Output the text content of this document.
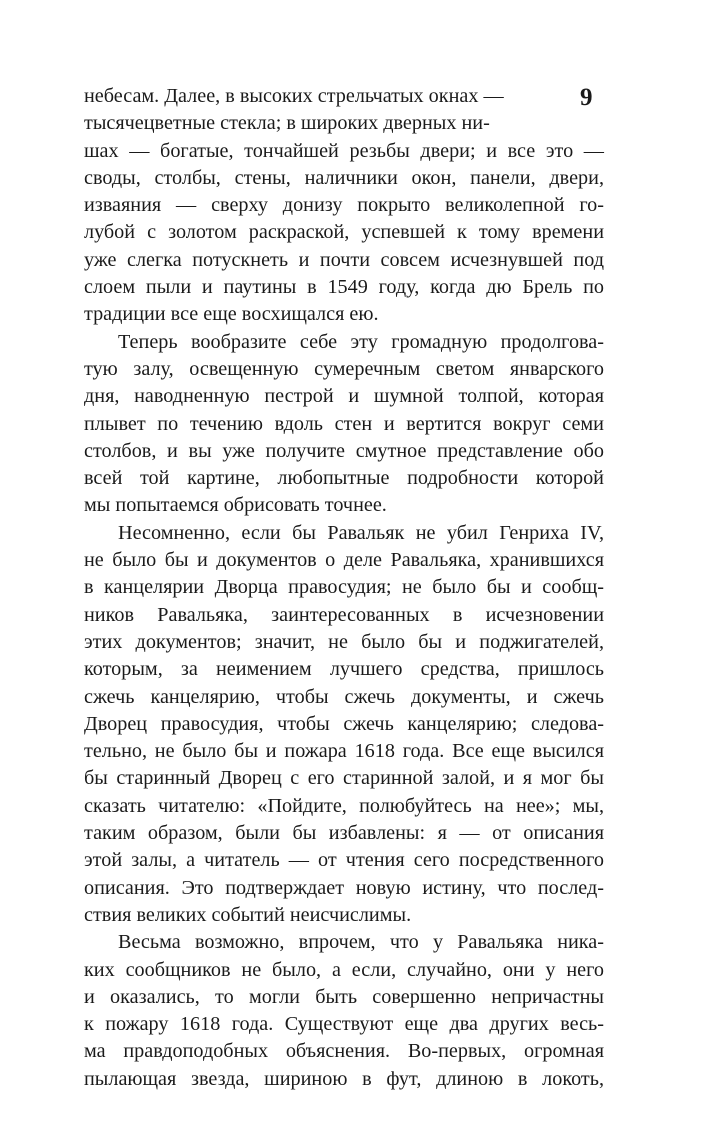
9
небесам. Далее, в высоких стрельчатых окнах —
тысячецветные стекла; в широких дверных ни-
шах — богатые, тончайшей резьбы двери; и все это —
своды, столбы, стены, наличники окон, панели, двери,
изваяния — сверху донизу покрыто великолепной го-
лубой с золотом раскраской, успевшей к тому времени
уже слегка потускнеть и почти совсем исчезнувшей под
слоем пыли и паутины в 1549 году, когда дю Брель по
традиции все еще восхищался ею.
Теперь вообразите себе эту громадную продолгова-
тую залу, освещенную сумеречным светом январского
дня, наводненную пестрой и шумной толпой, которая
плывет по течению вдоль стен и вертится вокруг семи
столбов, и вы уже получите смутное представление обо
всей той картине, любопытные подробности которой
мы попытаемся обрисовать точнее.
Несомненно, если бы Равальяк не убил Генриха IV,
не было бы и документов о деле Равальяка, хранившихся
в канцелярии Дворца правосудия; не было бы и сообщ-
ников Равальяка, заинтересованных в исчезновении
этих документов; значит, не было бы и поджигателей,
которым, за неимением лучшего средства, пришлось
сжечь канцелярию, чтобы сжечь документы, и сжечь
Дворец правосудия, чтобы сжечь канцелярию; следова-
тельно, не было бы и пожара 1618 года. Все еще высился
бы старинный Дворец с его старинной залой, и я мог бы
сказать читателю: «Пойдите, полюбуйтесь на нее»; мы,
таким образом, были бы избавлены: я — от описания
этой залы, а читатель — от чтения сего посредственного
описания. Это подтверждает новую истину, что послед-
ствия великих событий неисчислимы.
Весьма возможно, впрочем, что у Равальяка ника-
ких сообщников не было, а если, случайно, они у него
и оказались, то могли быть совершенно непричастны
к пожару 1618 года. Существуют еще два других весь-
ма правдоподобных объяснения. Во-первых, огромная
пылающая звезда, шириною в фут, длиною в локоть,
